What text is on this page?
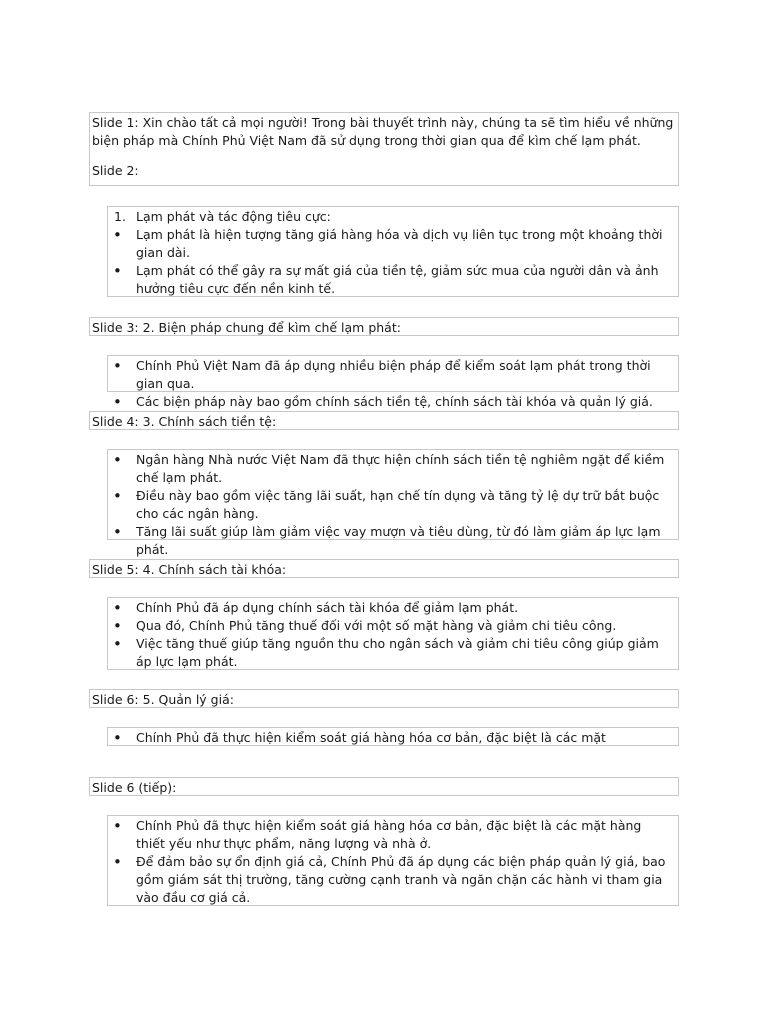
Slide 1: Xin chào tất cả mọi người! Trong bài thuyết trình này, chúng ta sẽ tìm hiểu về những biện pháp mà Chính Phủ Việt Nam đã sử dụng trong thời gian qua để kìm chế lạm phát.
Slide 2:
1. Lạm phát và tác động tiêu cực:
•	Lạm phát là hiện tượng tăng giá hàng hóa và dịch vụ liên tục trong một khoảng thời gian dài.
•	Lạm phát có thể gây ra sự mất giá của tiền tệ, giảm sức mua của người dân và ảnh hưởng tiêu cực đến nền kinh tế.
Slide 3: 2. Biện pháp chung để kìm chế lạm phát:
•	Chính Phủ Việt Nam đã áp dụng nhiều biện pháp để kiểm soát lạm phát trong thời gian qua.
•	Các biện pháp này bao gồm chính sách tiền tệ, chính sách tài khóa và quản lý giá.
Slide 4: 3. Chính sách tiền tệ:
•	Ngân hàng Nhà nước Việt Nam đã thực hiện chính sách tiền tệ nghiêm ngặt để kiềm chế lạm phát.
•	Điều này bao gồm việc tăng lãi suất, hạn chế tín dụng và tăng tỷ lệ dự trữ bắt buộc cho các ngân hàng.
•	Tăng lãi suất giúp làm giảm việc vay mượn và tiêu dùng, từ đó làm giảm áp lực lạm phát.
Slide 5: 4. Chính sách tài khóa:
•	Chính Phủ đã áp dụng chính sách tài khóa để giảm lạm phát.
•	Qua đó, Chính Phủ tăng thuế đối với một số mặt hàng và giảm chi tiêu công.
•	Việc tăng thuế giúp tăng nguồn thu cho ngân sách và giảm chi tiêu công giúp giảm áp lực lạm phát.
Slide 6: 5. Quản lý giá:
•	Chính Phủ đã thực hiện kiểm soát giá hàng hóa cơ bản, đặc biệt là các mặt
Slide 6 (tiếp):
•	Chính Phủ đã thực hiện kiểm soát giá hàng hóa cơ bản, đặc biệt là các mặt hàng thiết yếu như thực phẩm, năng lượng và nhà ở.
•	Để đảm bảo sự ổn định giá cả, Chính Phủ đã áp dụng các biện pháp quản lý giá, bao gồm giám sát thị trường, tăng cường cạnh tranh và ngăn chặn các hành vi tham gia vào đầu cơ giá cả.
